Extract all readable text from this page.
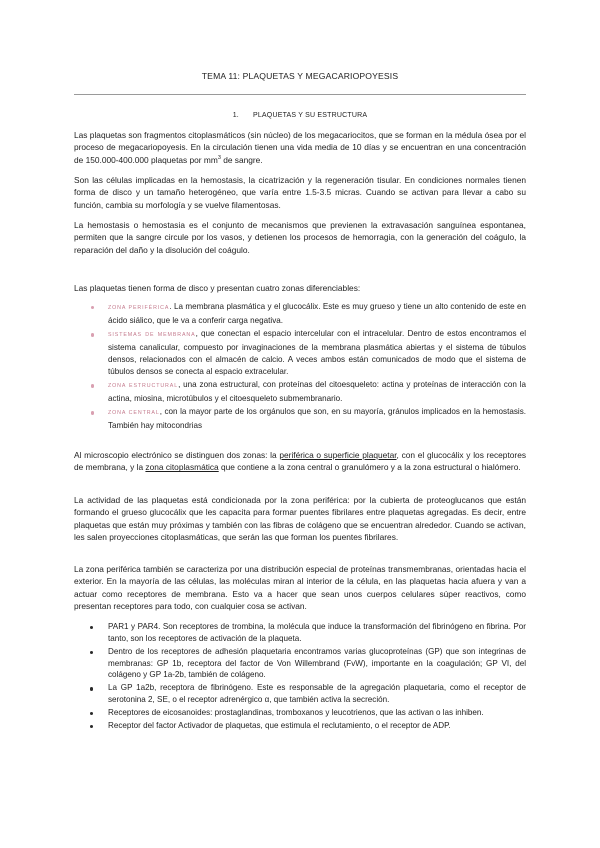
TEMA 11: PLAQUETAS Y MEGACARIOPOYESIS
1. PLAQUETAS Y SU ESTRUCTURA

Las plaquetas son fragmentos citoplasmáticos (sin núcleo) de los megacariocitos, que se forman en la médula ósea por el proceso de megacariopoyesis. En la circulación tienen una vida media de 10 días y se encuentran en una concentración de 150.000-400.000 plaquetas por $mm^3$ de sangre.

Son las células implicadas en la hemostasis, la cicatrización y la regeneración tisular. En condiciones normales tienen forma de disco y un tamaño heterogéneo, que varía entre 1.5-3.5 micras. Cuando se activan para llevar a cabo su función, cambia su morfología y se vuelve filamentosas.

La hemostasis o hemostasia es el conjunto de mecanismos que previenen la extravasación sanguínea espontanea, permiten que la sangre circule por los vasos, y detienen los procesos de hemorragia, con la generación del coágulo, la reparación del daño y la disolución del coágulo.

Las plaquetas tienen forma de disco y presentan cuatro zonas diferenciables:

ZONA PERIFÉRICA. La membrana plasmática y el glucocálix. Este es muy grueso y tiene un alto contenido de este en ácido siálico, que le va a conferir carga negativa.
SISTEMAS DE MEMBRANA, que conectan el espacio intercelular con el intracelular. Dentro de estos encontramos el sistema canalicular, compuesto por invaginaciones de la membrana plasmática abiertas y el sistema de túbulos densos, relacionados con el almacén de calcio. A veces ambos están comunicados de modo que el sistema de túbulos densos se conecta al espacio extracelular.
ZONA ESTRUCTURAL, una zona estructural, con proteínas del citoesqueleto: actina y proteínas de interacción con la actina, miosina, microtúbulos y el citoesqueleto submembranario.
ZONA CENTRAL, con la mayor parte de los orgánulos que son, en su mayoría, gránulos implicados en la hemostasis. También hay mitocondrias

Al microscopio electrónico se distinguen dos zonas: la periférica o superficie plaquetar, con el glucocálix y los receptores de membrana, y la zona citoplasmática que contiene a la zona central o granulómero y a la zona estructural o hialómero.

La actividad de las plaquetas está condicionada por la zona periférica: por la cubierta de proteoglucanos que están formando el grueso glucocálix que les capacita para formar puentes fibrilares entre plaquetas agregadas. Es decir, entre plaquetas que están muy próximas y también con las fibras de colágeno que se encuentran alrededor. Cuando se activan, les salen proyecciones citoplasmáticas, que serán las que forman los puentes fibrilares.

La zona periférica también se caracteriza por una distribución especial de proteínas transmembranas, orientadas hacia el exterior. En la mayoría de las células, las moléculas miran al interior de la célula, en las plaquetas hacia afuera y van a actuar como receptores de membrana. Esto va a hacer que sean unos cuerpos celulares súper reactivos, como presentan receptores para todo, con cualquier cosa se activan.

PAR1 y PAR4. Son receptores de trombina, la molécula que induce la transformación del fibrinógeno en fibrina. Por tanto, son los receptores de activación de la plaqueta.
Dentro de los receptores de adhesión plaquetaria encontramos varias glucoproteínas (GP) que son integrinas de membranas: GP 1b, receptora del factor de Von Willembrand (FvW), importante en la coagulación; GP VI, del colágeno y GP 1a-2b, también de colágeno.
La GP 1a2b, receptora de fibrinógeno. Este es responsable de la agregación plaquetaria, como el receptor de serotonina 2, SE, o el receptor adrenérgico α, que también activa la secreción.
Receptores de eicosanoides: prostaglandinas, tromboxanos y leucotrienos, que las activan o las inhiben.
Receptor del factor Activador de plaquetas, que estimula el reclutamiento, o el receptor de ADP.
